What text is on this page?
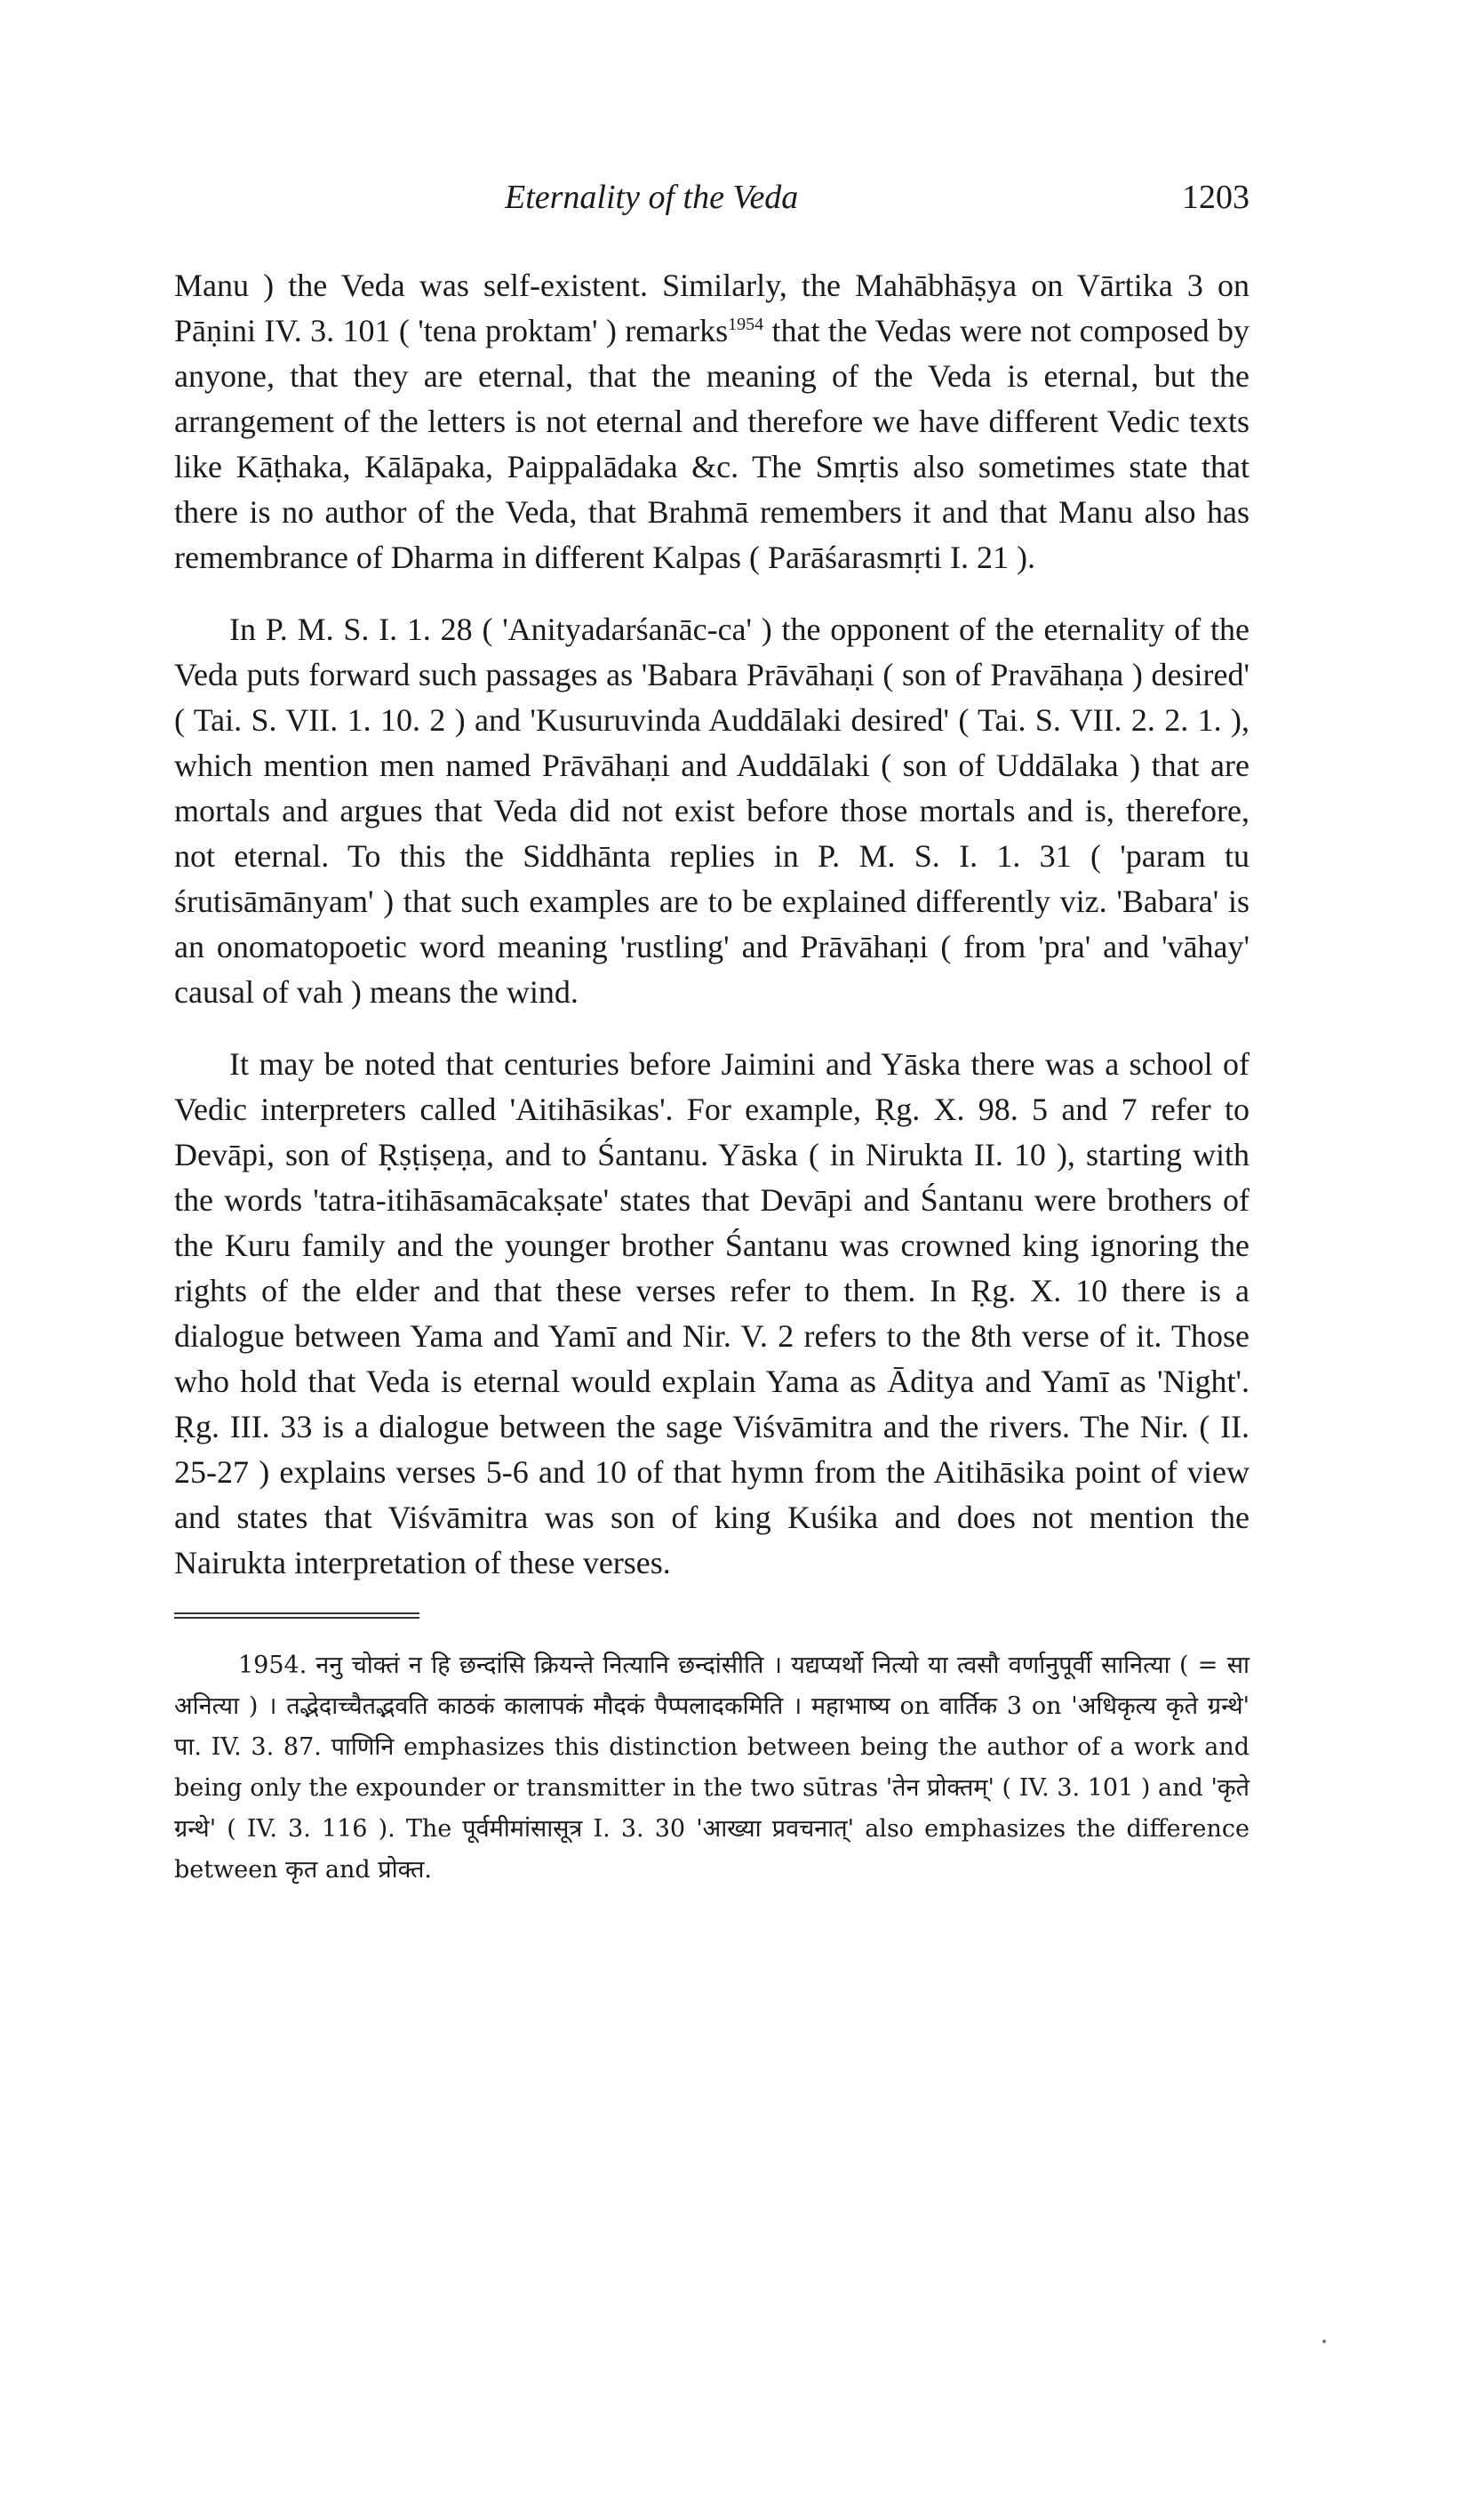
Eternality of the Veda	1203

Manu ) the Veda was self-existent. Similarly, the Mahābhāṣya on Vārtika 3 on Pāṇini IV. 3. 101 ( 'tena proktam' ) remarks$^{1954}$ that the Vedas were not composed by anyone, that they are eternal, that the meaning of the Veda is eternal, but the arrangement of the letters is not eternal and therefore we have different Vedic texts like Kāṭhaka, Kālāpaka, Paippalādaka &c. The Smṛtis also sometimes state that there is no author of the Veda, that Brahmā remembers it and that Manu also has remembrance of Dharma in different Kalpas ( Parāśarasmṛti I. 21 ).

In P. M. S. I. 1. 28 ( 'Anityadarśanāc-ca' ) the opponent of the eternality of the Veda puts forward such passages as 'Babara Prāvāhaṇi ( son of Pravāhaṇa ) desired' ( Tai. S. VII. 1. 10. 2 ) and 'Kusuruvinda Auddālaki desired' ( Tai. S. VII. 2. 2. 1. ), which mention men named Prāvāhaṇi and Auddālaki ( son of Uddālaka ) that are mortals and argues that Veda did not exist before those mortals and is, therefore, not eternal. To this the Siddhānta replies in P. M. S. I. 1. 31 ( 'param tu śrutisāmānyam' ) that such examples are to be explained differently viz. 'Babara' is an onomatopoetic word meaning 'rustling' and Prāvāhaṇi ( from 'pra' and 'vāhay' causal of vah ) means the wind.

It may be noted that centuries before Jaimini and Yāska there was a school of Vedic interpreters called 'Aitihāsikas'. For example, Ṛg. X. 98. 5 and 7 refer to Devāpi, son of Ṛṣṭiṣeṇa, and to Śantanu. Yāska ( in Nirukta II. 10 ), starting with the words 'tatra-itihāsamācakṣate' states that Devāpi and Śantanu were brothers of the Kuru family and the younger brother Śantanu was crowned king ignoring the rights of the elder and that these verses refer to them. In Ṛg. X. 10 there is a dialogue between Yama and Yamī and Nir. V. 2 refers to the 8th verse of it. Those who hold that Veda is eternal would explain Yama as Āditya and Yamī as 'Night'. Ṛg. III. 33 is a dialogue between the sage Viśvāmitra and the rivers. The Nir. ( II. 25-27 ) explains verses 5-6 and 10 of that hymn from the Aitihāsika point of view and states that Viśvāmitra was son of king Kuśika and does not mention the Nairukta interpretation of these verses.

1954. ननु चोक्तं न हि छन्दांसि क्रियन्ते नित्यानि छन्दांसीति । यद्यप्यर्थो नित्यो या त्वसौ वर्णानुपूर्वी सानित्या ( = सा अनित्या ) । तद्भेदाच्चैतद्भवति काठकं कालापकं मौदकं पैप्पलादकमिति । महाभाष्य on वार्तिक 3 on 'अधिकृत्य कृते ग्रन्थे' पा. IV. 3. 87. पाणिनि emphasizes this distinction between being the author of a work and being only the expounder or transmitter in the two sūtras 'तेन प्रोक्तम्' ( IV. 3. 101 ) and 'कृते ग्रन्थे' ( IV. 3. 116 ). The पूर्वमीमांसासूत्र I. 3. 30 'आख्या प्रवचनात्' also emphasizes the difference between कृत and प्रोक्त.
